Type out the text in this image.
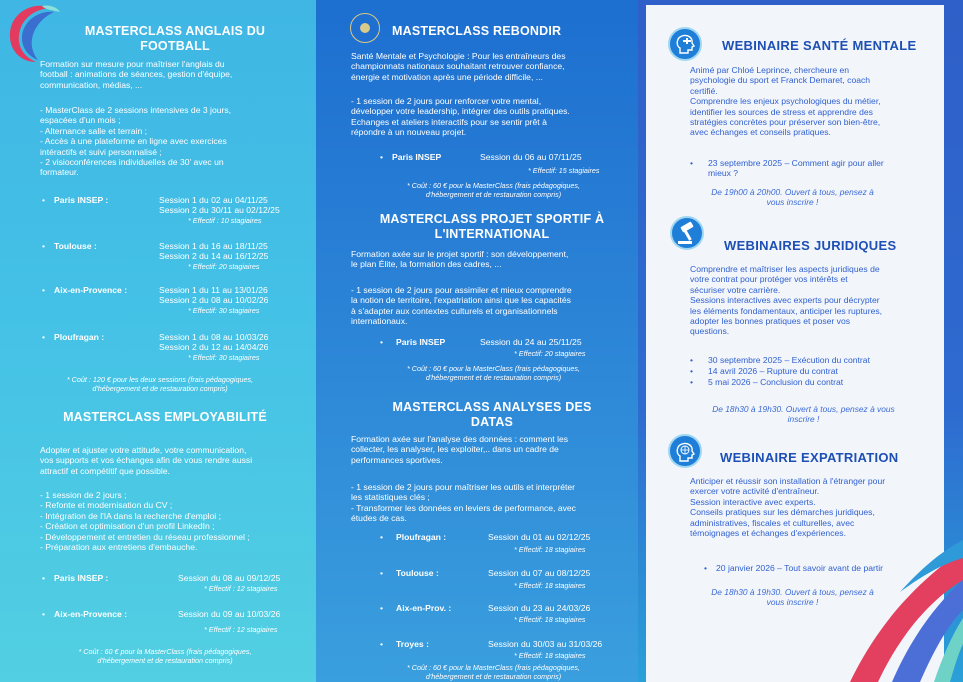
MASTERCLASS ANGLAIS DU
FOOTBALL
Formation sur mesure pour maîtriser l'anglais du
football : animations de séances, gestion d'équipe,
communication, médias, ...
- MasterClass de 2 sessions intensives de 3 jours,
espacées d'un mois ;
- Alternance salle et terrain ;
- Accès à une plateforme en ligne avec exercices
intéractifs et suivi personnalisé ;
- 2 visioconférences individuelles de 30' avec un
formateur.
• Paris INSEP :	Session 1 du 02 au 04/11/25
Session 2 du 30/11 au 02/12/25
* Effectif : 10 stagiaires
• Toulouse :	Session 1 du 16 au 18/11/25
Session 2 du 14 au 16/12/25
* Effectif: 20 stagiaires
• Aix-en-Provence :	Session 1 du 11 au 13/01/26
Session 2 du 08 au 10/02/26
* Effectif: 30 stagiaires
• Ploufragan :	Session 1 du 08 au 10/03/26
Session 2 du 12 au 14/04/26
* Effectif: 30 stagiaires
* Coût : 120 € pour les deux sessions (frais pédagogiques,
d'hébergement et de restauration compris)
MASTERCLASS EMPLOYABILITÉ
Adopter et ajuster votre attitude, votre communication,
vos supports et vos échanges afin de vous rendre aussi
attractif et compétitif que possible.
- 1 session de 2 jours ;
- Refonte et modernisation du CV ;
- Intégration de l'IA dans la recherche d'emploi ;
- Création et optimisation d'un profil LinkedIn ;
- Développement et entretien du réseau professionnel ;
- Préparation aux entretiens d'embauche.
• Paris INSEP :	Session du 08 au 09/12/25
* Effectif : 12 stagiaires
• Aix-en-Provence :	Session du 09 au 10/03/26
* Effectif : 12 stagiaires
* Coût : 60 € pour la MasterClass (frais pédagogiques,
d'hébergement et de restauration compris)
MASTERCLASS REBONDIR
Santé Mentale et Psychologie : Pour les entraîneurs des
championnats nationaux souhaitant retrouver confiance,
énergie et motivation après une période difficile, ...
- 1 session de 2 jours pour renforcer votre mental,
développer votre leadership, intégrer des outils pratiques.
Echanges et ateliers interactifs pour se sentir prêt à
répondre à un nouveau projet.
• Paris INSEP	Session du 06 au 07/11/25
* Effectif: 15 stagiaires
* Coût : 60 € pour la MasterClass (frais pédagogiques,
d'hébergement et de restauration compris)
MASTERCLASS PROJET SPORTIF À
L'INTERNATIONAL
Formation axée sur le projet sportif : son développement,
le plan Élite, la formation des cadres, ...
- 1 session de 2 jours pour assimiler et mieux comprendre
la notion de territoire, l'expatriation ainsi que les capacités
à s'adapter aux contextes culturels et organisationnels
internationaux.
• Paris INSEP	Session du 24 au 25/11/25
* Effectif: 20 stagiaires
* Coût : 60 € pour la MasterClass (frais pédagogiques,
d'hébergement et de restauration compris)
MASTERCLASS ANALYSES DES
DATAS
Formation axée sur l'analyse des données : comment les
collecter, les analyser, les exploiter,.. dans un cadre de
performances sportives.
- 1 session de 2 jours pour maîtriser les outils et interpréter
les statistiques clés ;
- Transformer les données en leviers de performance, avec
études de cas.
• Ploufragan :	Session du 01 au 02/12/25
* Effectif: 18 stagiaires
• Toulouse :	Session du 07 au 08/12/25
* Effectif: 18 stagiaires
• Aix-en-Prov. :	Session du 23 au 24/03/26
* Effectif: 18 stagiaires
• Troyes :	Session du 30/03 au 31/03/26
* Effectif: 18 stagiaires
* Coût : 60 € pour la MasterClass (frais pédagogiques,
d'hébergement et de restauration compris)
WEBINAIRE SANTÉ MENTALE
Animé par Chloé Leprince, chercheure en
psychologie du sport et Franck Demaret, coach
certifié.
Comprendre les enjeux psychologiques du métier,
identifier les sources de stress et apprendre des
stratégies concrètes pour préserver son bien-être,
avec échanges et conseils pratiques.

• 23 septembre 2025 – Comment agir pour aller
mieux ?

De 19h00 à 20h00. Ouvert à tous, pensez à
vous inscrire !
WEBINAIRES JURIDIQUES
Comprendre et maîtriser les aspects juridiques de
votre contrat pour protéger vos intérêts et
sécuriser votre carrière.
Sessions interactives avec experts pour décrypter
les éléments fondamentaux, anticiper les ruptures,
adopter les bonnes pratiques et poser vos
questions.

• 30 septembre 2025 – Exécution du contrat

• 14 avril 2026 – Rupture du contrat

• 5 mai 2026 – Conclusion du contrat

De 18h30 à 19h30. Ouvert à tous, pensez à vous
inscrire !
WEBINAIRE EXPATRIATION
Anticiper et réussir son installation à l'étranger pour
exercer votre activité d'entraîneur.
Session interactive avec experts.
Conseils pratiques sur les démarches juridiques,
administratives, fiscales et culturelles, avec
témoignages et échanges d'expériences.

• 20 janvier 2026 – Tout savoir avant de partir

De 18h30 à 19h30. Ouvert à tous, pensez à
vous inscrire !
